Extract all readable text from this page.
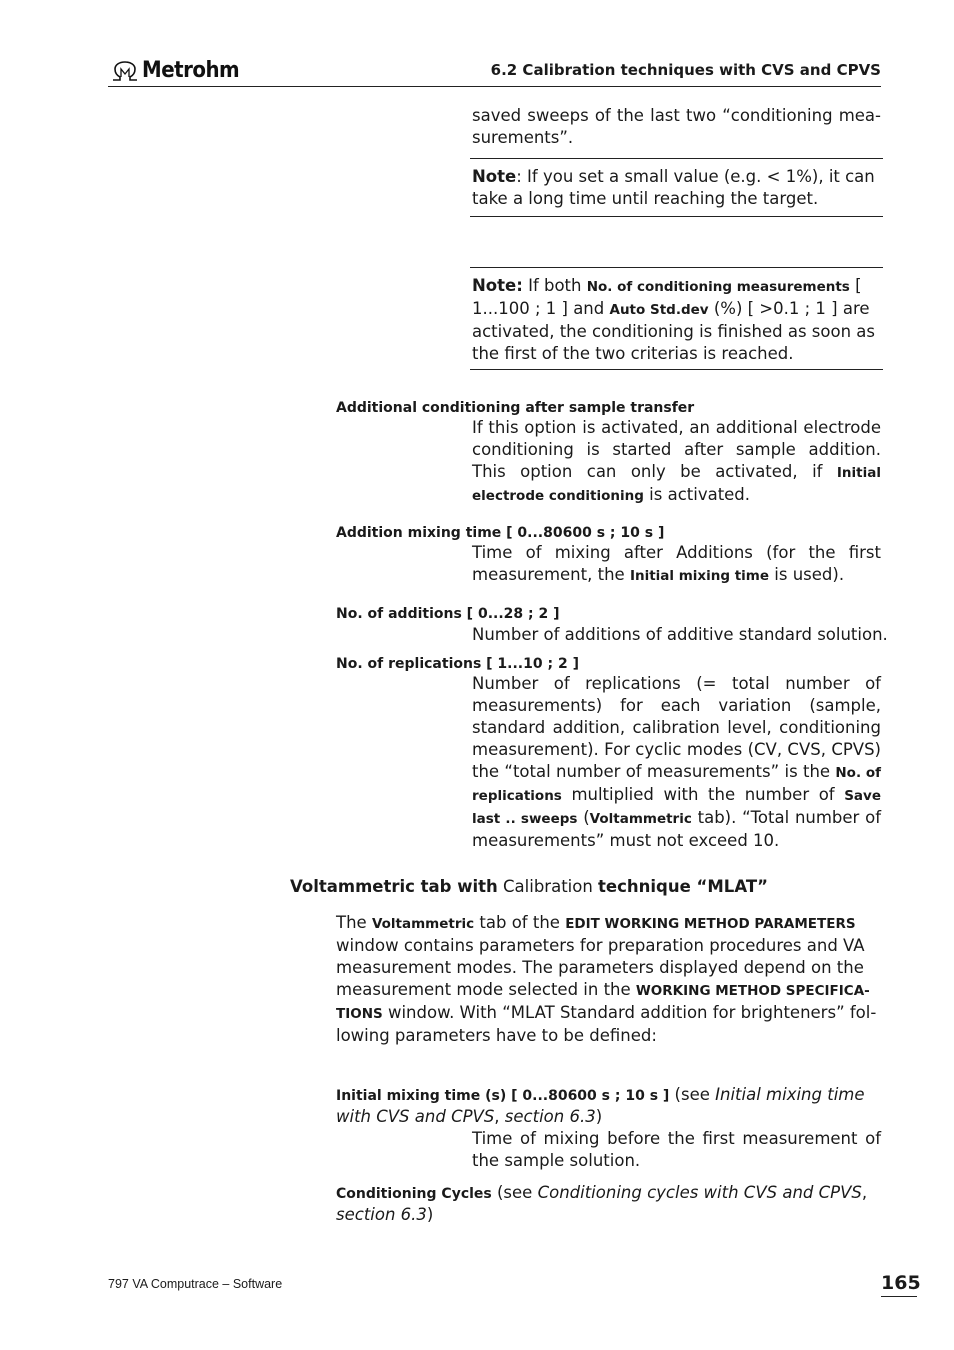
Metrohm	6.2 Calibration techniques with CVS and CPVS
saved sweeps of the last two “conditioning measurements”.
Note: If you set a small value (e.g. < 1%), it can take a long time until reaching the target.
Note: If both No. of conditioning measurements [ 1...100 ; 1 ] and Auto Std.dev (%) [ >0.1 ; 1 ] are activated, the conditioning is finished as soon as the first of the two criterias is reached.
Additional conditioning after sample transfer
If this option is activated, an additional electrode conditioning is started after sample addition. This option can only be activated, if Initial electrode conditioning is activated.
Addition mixing time [ 0...80600 s ; 10 s ]
Time of mixing after Additions (for the first measurement, the Initial mixing time is used).
No. of additions [ 0...28 ; 2 ]
Number of additions of additive standard solution.
No. of replications [ 1...10 ; 2 ]
Number of replications (= total number of measurements) for each variation (sample, standard addition, calibration level, conditioning measurement). For cyclic modes (CV, CVS, CPVS) the “total number of measurements” is the No. of replications multiplied with the number of Save last .. sweeps (Voltammetric tab). “Total number of measurements” must not exceed 10.
Voltammetric tab with Calibration technique “MLAT”
The Voltammetric tab of the EDIT WORKING METHOD PARAMETERS window contains parameters for preparation procedures and VA measurement modes. The parameters displayed depend on the measurement mode selected in the WORKING METHOD SPECIFICATIONS window. With “MLAT Standard addition for brighteners” following parameters have to be defined:
Initial mixing time (s) [ 0...80600 s ; 10 s ] (see Initial mixing time with CVS and CPVS, section 6.3)
Time of mixing before the first measurement of the sample solution.
Conditioning Cycles (see Conditioning cycles with CVS and CPVS, section 6.3)
797 VA Computrace – Software	165
